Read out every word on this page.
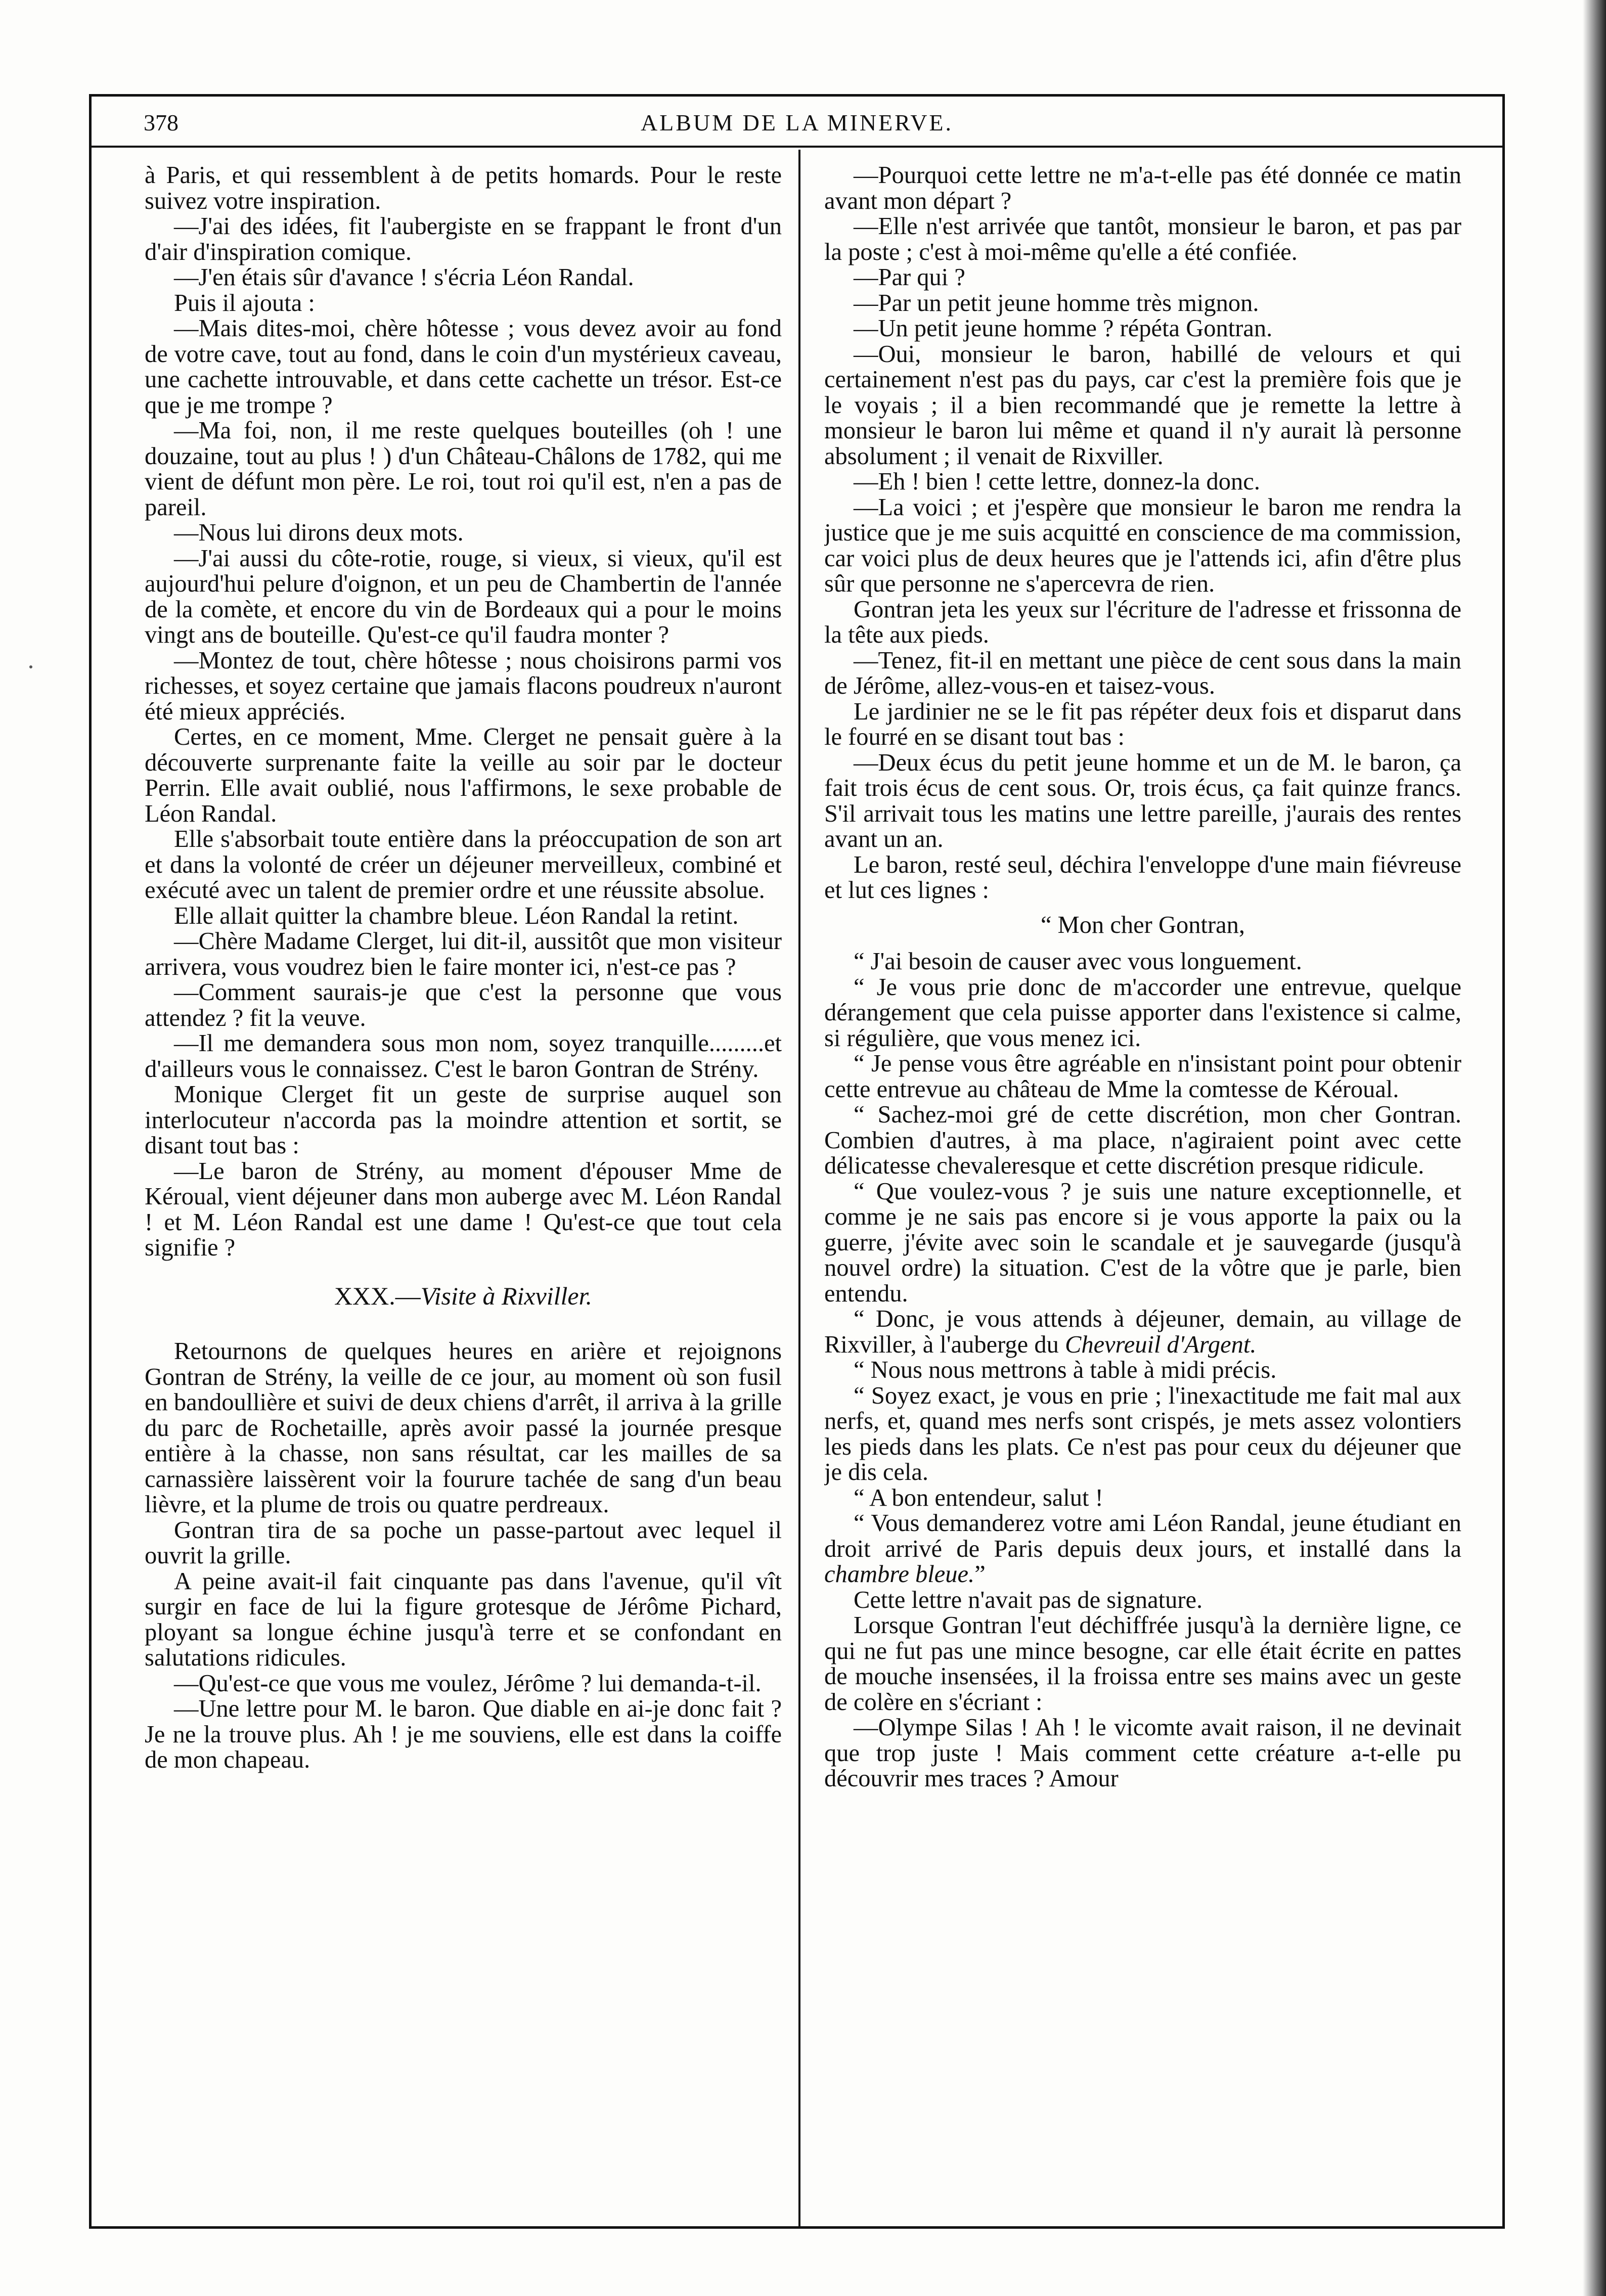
378	ALBUM DE LA MINERVE.

à Paris, et qui ressemblent à de petits homards. Pour le reste suivez votre inspiration.

—J'ai des idées, fit l'aubergiste en se frappant le front d'un d'air d'inspiration comique.

—J'en étais sûr d'avance ! s'écria Léon Randal.

Puis il ajouta :

—Mais dites-moi, chère hôtesse ; vous devez avoir au fond de votre cave, tout au fond, dans le coin d'un mystérieux caveau, une cachette introuvable, et dans cette cachette un trésor. Est-ce que je me trompe ?

—Ma foi, non, il me reste quelques bouteilles (oh ! une douzaine, tout au plus ! ) d'un Château-Châlons de 1782, qui me vient de défunt mon père. Le roi, tout roi qu'il est, n'en a pas de pareil.

—Nous lui dirons deux mots.

—J'ai aussi du côte-rotie, rouge, si vieux, si vieux, qu'il est aujourd'hui pelure d'oignon, et un peu de Chambertin de l'année de la comète, et encore du vin de Bordeaux qui a pour le moins vingt ans de bouteille. Qu'est-ce qu'il faudra monter ?

—Montez de tout, chère hôtesse ; nous choisirons parmi vos richesses, et soyez certaine que jamais flacons poudreux n'auront été mieux appréciés.

Certes, en ce moment, Mme. Clerget ne pensait guère à la découverte surprenante faite la veille au soir par le docteur Perrin. Elle avait oublié, nous l'affirmons, le sexe probable de Léon Randal.

Elle s'absorbait toute entière dans la préoccupation de son art et dans la volonté de créer un déjeuner merveilleux, combiné et exécuté avec un talent de premier ordre et une réussite absolue.

Elle allait quitter la chambre bleue. Léon Randal la retint.

—Chère Madame Clerget, lui dit-il, aussitôt que mon visiteur arrivera, vous voudrez bien le faire monter ici, n'est-ce pas ?

—Comment saurais-je que c'est la personne que vous attendez ? fit la veuve.

—Il me demandera sous mon nom, soyez tranquille.........et d'ailleurs vous le connaissez. C'est le baron Gontran de Strény.

Monique Clerget fit un geste de surprise auquel son interlocuteur n'accorda pas la moindre attention et sortit, se disant tout bas :

—Le baron de Strény, au moment d'épouser Mme de Kéroual, vient déjeuner dans mon auberge avec M. Léon Randal ! et M. Léon Randal est une dame ! Qu'est-ce que tout cela signifie ?

XXX.—Visite à Rixviller.

Retournons de quelques heures en arière et rejoignons Gontran de Strény, la veille de ce jour, au moment où son fusil en bandoullière et suivi de deux chiens d'arrêt, il arriva à la grille du parc de Rochetaille, après avoir passé la journée presque entière à la chasse, non sans résultat, car les mailles de sa carnassière laissèrent voir la fourure tachée de sang d'un beau lièvre, et la plume de trois ou quatre perdreaux.

Gontran tira de sa poche un passe-partout avec lequel il ouvrit la grille.

A peine avait-il fait cinquante pas dans l'avenue, qu'il vît surgir en face de lui la figure grotesque de Jérôme Pichard, ployant sa longue échine jusqu'à terre et se confondant en salutations ridicules.

—Qu'est-ce que vous me voulez, Jérôme ? lui demanda-t-il.

—Une lettre pour M. le baron. Que diable en ai-je donc fait ? Je ne la trouve plus. Ah ! je me souviens, elle est dans la coiffe de mon chapeau.

—Pourquoi cette lettre ne m'a-t-elle pas été donnée ce matin avant mon départ ?

—Elle n'est arrivée que tantôt, monsieur le baron, et pas par la poste ; c'est à moi-même qu'elle a été confiée.

—Par qui ?

—Par un petit jeune homme très mignon.

—Un petit jeune homme ? répéta Gontran.

—Oui, monsieur le baron, habillé de velours et qui certainement n'est pas du pays, car c'est la première fois que je le voyais ; il a bien recommandé que je remette la lettre à monsieur le baron lui même et quand il n'y aurait là personne absolument ; il venait de Rixviller.

—Eh ! bien ! cette lettre, donnez-la donc.

—La voici ; et j'espère que monsieur le baron me rendra la justice que je me suis acquitté en conscience de ma commission, car voici plus de deux heures que je l'attends ici, afin d'être plus sûr que personne ne s'apercevra de rien.

Gontran jeta les yeux sur l'écriture de l'adresse et frissonna de la tête aux pieds.

—Tenez, fit-il en mettant une pièce de cent sous dans la main de Jérôme, allez-vous-en et taisez-vous.

Le jardinier ne se le fit pas répéter deux fois et disparut dans le fourré en se disant tout bas :

—Deux écus du petit jeune homme et un de M. le baron, ça fait trois écus de cent sous. Or, trois écus, ça fait quinze francs. S'il arrivait tous les matins une lettre pareille, j'aurais des rentes avant un an.

Le baron, resté seul, déchira l'enveloppe d'une main fiévreuse et lut ces lignes :

“ Mon cher Gontran,

“ J'ai besoin de causer avec vous longuement.

“ Je vous prie donc de m'accorder une entrevue, quelque dérangement que cela puisse apporter dans l'existence si calme, si régulière, que vous menez ici.

“ Je pense vous être agréable en n'insistant point pour obtenir cette entrevue au château de Mme la comtesse de Kéroual.

“ Sachez-moi gré de cette discrétion, mon cher Gontran. Combien d'autres, à ma place, n'agiraient point avec cette délicatesse chevaleresque et cette discrétion presque ridicule.

“ Que voulez-vous ? je suis une nature exceptionnelle, et comme je ne sais pas encore si je vous apporte la paix ou la guerre, j'évite avec soin le scandale et je sauvegarde (jusqu'à nouvel ordre) la situation. C'est de la vôtre que je parle, bien entendu.

“ Donc, je vous attends à déjeuner, demain, au village de Rixviller, à l'auberge du Chevreuil d'Argent.

“ Nous nous mettrons à table à midi précis.

“ Soyez exact, je vous en prie ; l'inexactitude me fait mal aux nerfs, et, quand mes nerfs sont crispés, je mets assez volontiers les pieds dans les plats. Ce n'est pas pour ceux du déjeuner que je dis cela.

“ A bon entendeur, salut !

“ Vous demanderez votre ami Léon Randal, jeune étudiant en droit arrivé de Paris depuis deux jours, et installé dans la chambre bleue.”

Cette lettre n'avait pas de signature.

Lorsque Gontran l'eut déchiffrée jusqu'à la dernière ligne, ce qui ne fut pas une mince besogne, car elle était écrite en pattes de mouche insensées, il la froissa entre ses mains avec un geste de colère en s'écriant :

—Olympe Silas ! Ah ! le vicomte avait raison, il ne devinait que trop juste ! Mais comment cette créature a-t-elle pu découvrir mes traces ? Amour
